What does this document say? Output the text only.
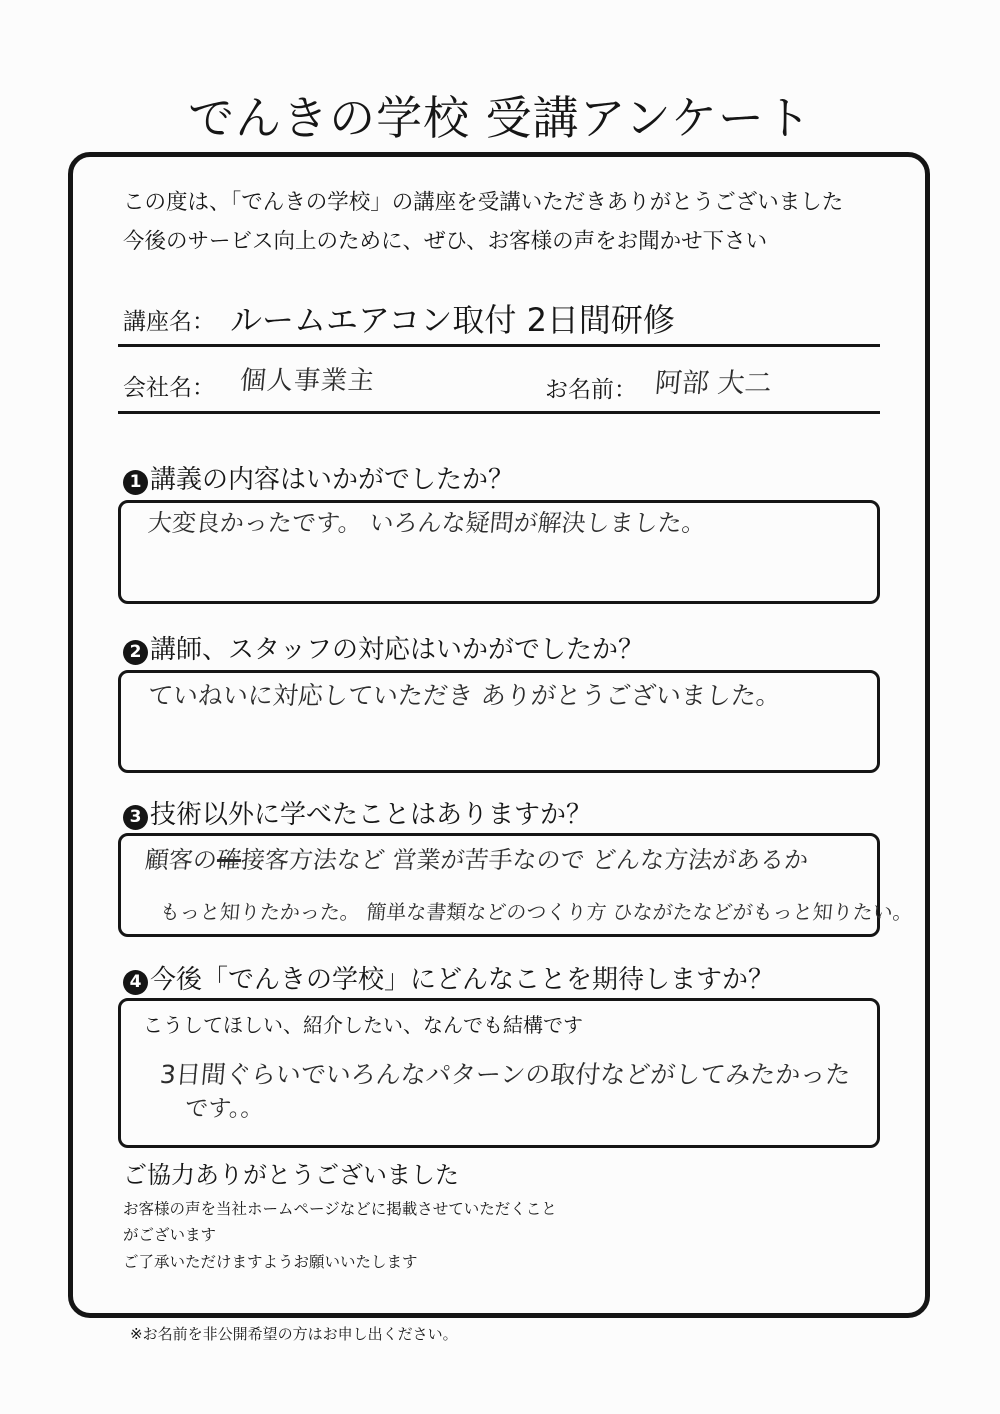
でんきの学校 受講アンケート
この度は、「でんきの学校」の講座を受講いただきありがとうございました
今後のサービス向上のために、ぜひ、お客様の声をお聞かせ下さい
講座名： ルームエアコン取付 2日間研修
会社名： 個人事業主	お名前： 阿部 大二
1 講義の内容はいかがでしたか？
大変良かったです。 いろんな疑問が解決しました。
2 講師、スタッフの対応はいかがでしたか？
ていねいに対応していただき ありがとうございました。
3 技術以外に学べたことはありますか？
顧客の確接客方法など 営業が苦手なので どんな方法があるか
もっと知りたかった。 簡単な書類などのつくり方 ひながたなどがもっと知りたい。
4 今後「でんきの学校」にどんなことを期待しますか？
こうしてほしい、紹介したい、なんでも結構です
3日間ぐらいでいろんなパターンの取付などがしてみたかった
です。。
ご協力ありがとうございました
お客様の声を当社ホームページなどに掲載させていただくこと
がございます
ご了承いただけますようお願いいたします
※お名前を非公開希望の方はお申し出ください。
